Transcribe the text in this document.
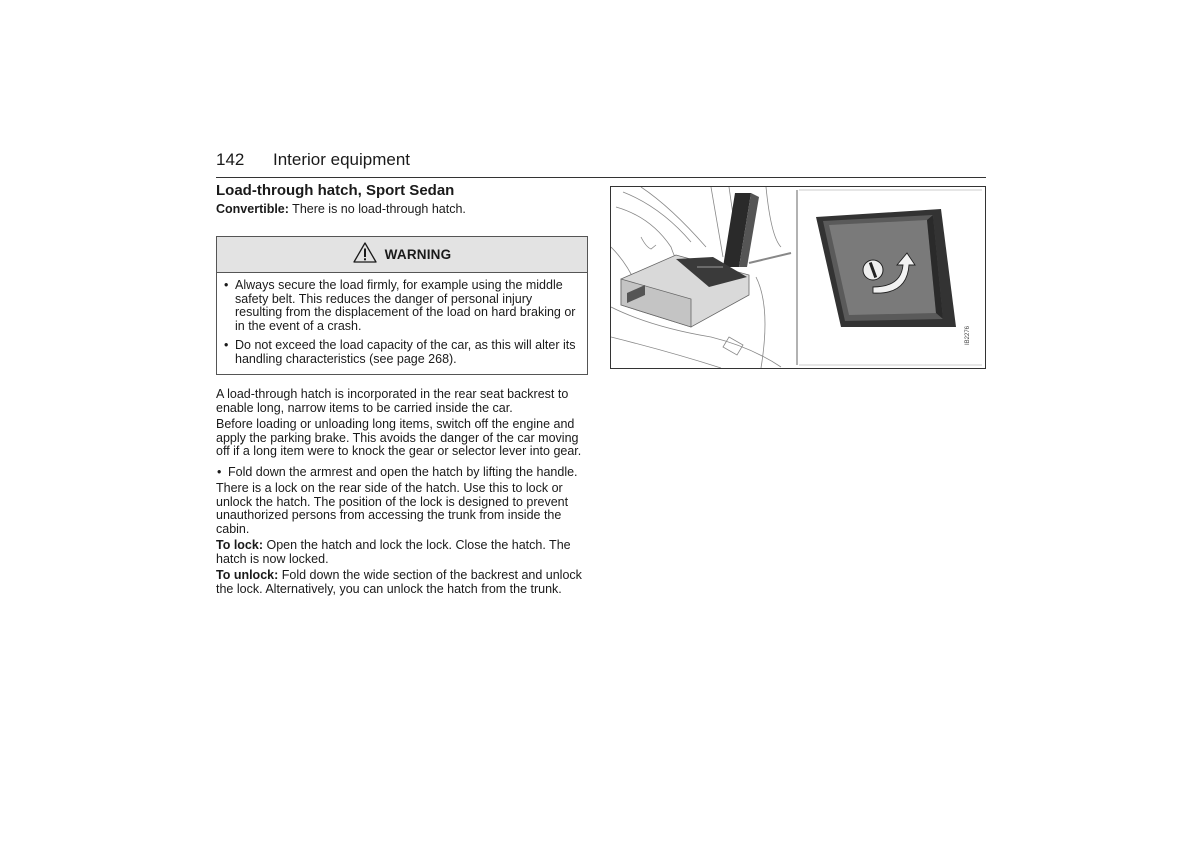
142 Interior equipment
Load-through hatch, Sport Sedan

Convertible: There is no load-through hatch.

WARNING
• Always secure the load firmly, for example using the middle safety belt. This reduces the danger of personal injury resulting from the displacement of the load on hard braking or in the event of a crash.
• Do not exceed the load capacity of the car, as this will alter its handling characteristics (see page 268).

A load-through hatch is incorporated in the rear seat backrest to enable long, narrow items to be carried inside the car.

Before loading or unloading long items, switch off the engine and apply the parking brake. This avoids the danger of the car moving off if a long item were to knock the gear or selector lever into gear.

• Fold down the armrest and open the hatch by lifting the handle.

There is a lock on the rear side of the hatch. Use this to lock or unlock the hatch. The position of the lock is designed to prevent unauthorized persons from accessing the trunk from inside the cabin.

To lock: Open the hatch and lock the lock. Close the hatch. The hatch is now locked.

To unlock: Fold down the wide section of the backrest and unlock the lock. Alternatively, you can unlock the hatch from the trunk.

IB2276
